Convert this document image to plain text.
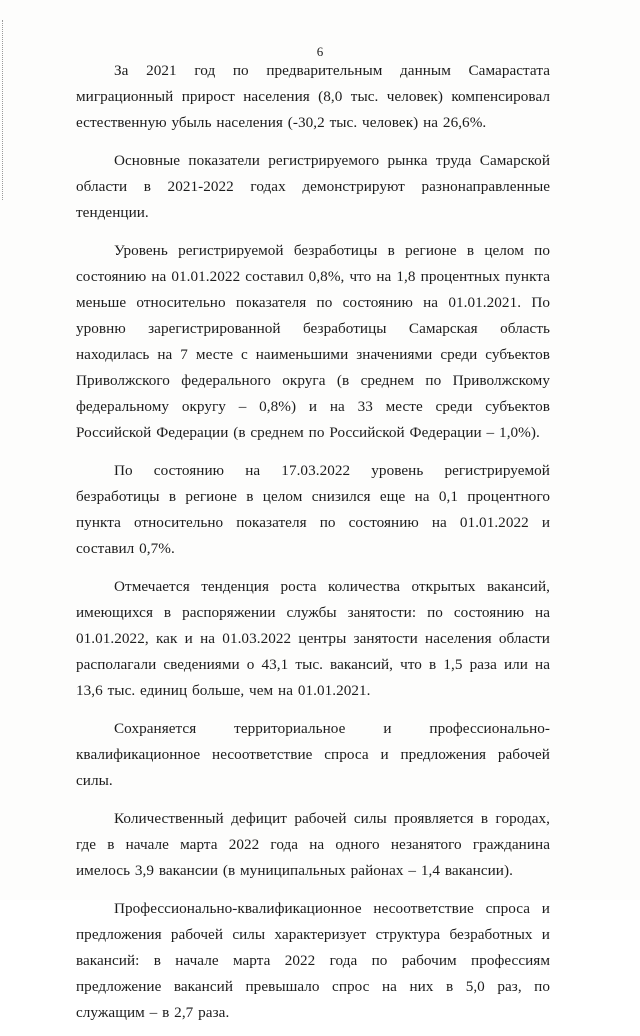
6

За 2021 год по предварительным данным Самарастата миграционный прирост населения (8,0 тыс. человек) компенсировал естественную убыль населения (-30,2 тыс. человек) на 26,6%.

Основные показатели регистрируемого рынка труда Самарской области в 2021-2022 годах демонстрируют разнонаправленные тенденции.

Уровень регистрируемой безработицы в регионе в целом по состоянию на 01.01.2022 составил 0,8%, что на 1,8 процентных пункта меньше относительно показателя по состоянию на 01.01.2021. По уровню зарегистрированной безработицы Самарская область находилась на 7 месте с наименьшими значениями среди субъектов Приволжского федерального округа (в среднем по Приволжскому федеральному округу – 0,8%) и на 33 месте среди субъектов Российской Федерации (в среднем по Российской Федерации – 1,0%).

По состоянию на 17.03.2022 уровень регистрируемой безработицы в регионе в целом снизился еще на 0,1 процентного пункта относительно показателя по состоянию на 01.01.2022 и составил 0,7%.

Отмечается тенденция роста количества открытых вакансий, имеющихся в распоряжении службы занятости: по состоянию на 01.01.2022, как и на 01.03.2022 центры занятости населения области располагали сведениями о 43,1 тыс. вакансий, что в 1,5 раза или на 13,6 тыс. единиц больше, чем на 01.01.2021.

Сохраняется территориальное и профессионально-квалификационное несоответствие спроса и предложения рабочей силы.

Количественный дефицит рабочей силы проявляется в городах, где в начале марта 2022 года на одного незанятого гражданина имелось 3,9 вакансии (в муниципальных районах – 1,4 вакансии).

Профессионально-квалификационное несоответствие спроса и предложения рабочей силы характеризует структура безработных и вакансий: в начале марта 2022 года по рабочим профессиям предложение вакансий превышало спрос на них в 5,0 раз, по служащим – в 2,7 раза.
